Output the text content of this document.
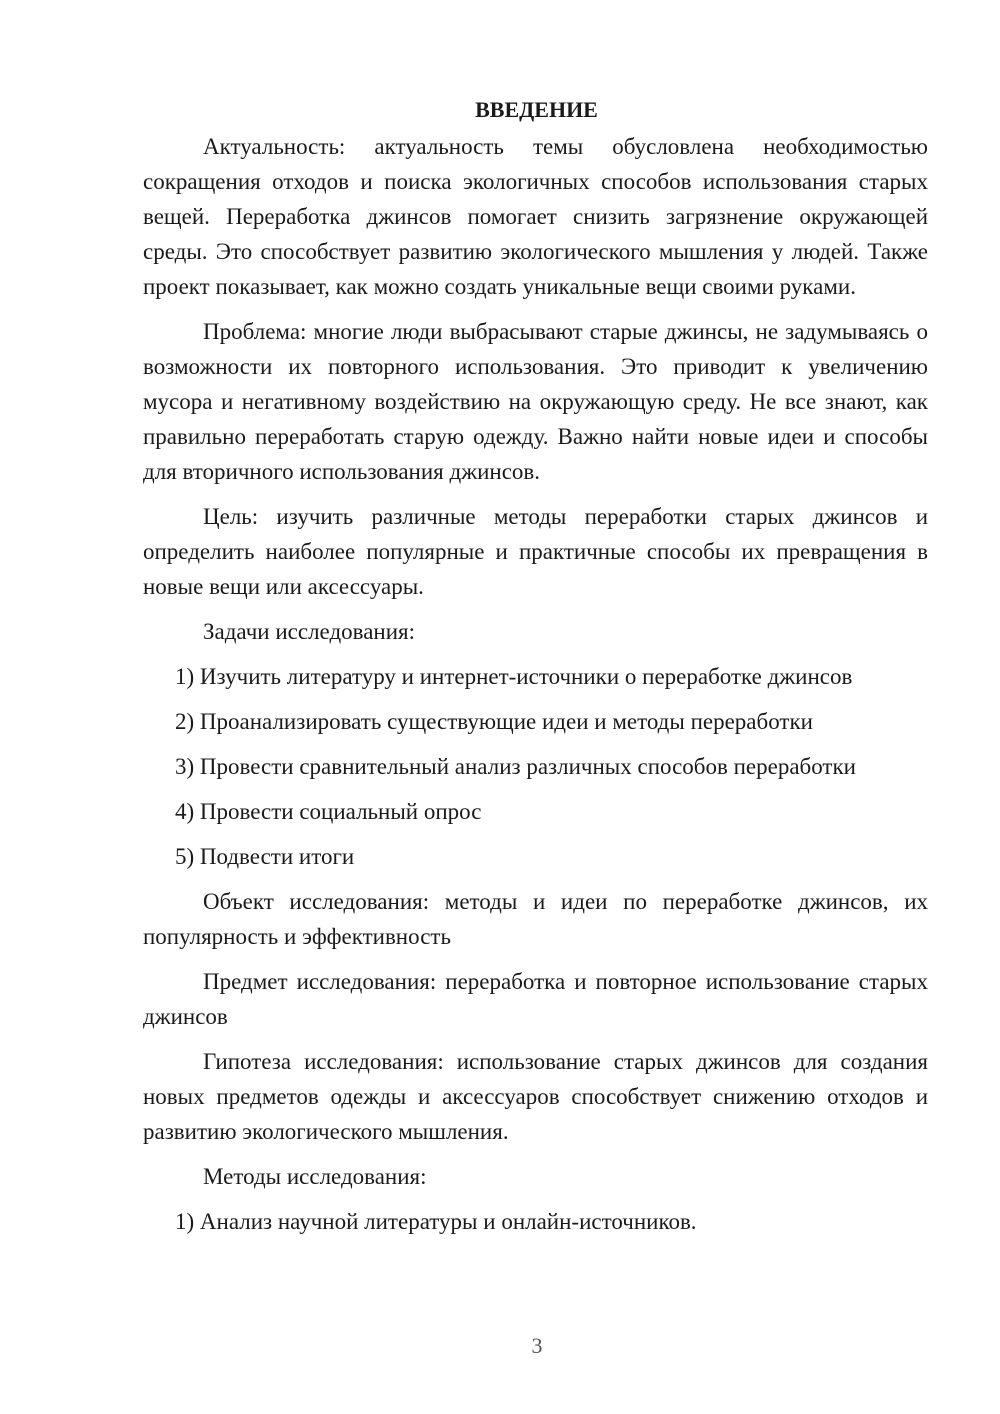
ВВЕДЕНИЕ

Актуальность: актуальность темы обусловлена необходимостью сокращения отходов и поиска экологичных способов использования старых вещей. Переработка джинсов помогает снизить загрязнение окружающей среды. Это способствует развитию экологического мышления у людей. Также проект показывает, как можно создать уникальные вещи своими руками.

Проблема: многие люди выбрасывают старые джинсы, не задумываясь о возможности их повторного использования. Это приводит к увеличению мусора и негативному воздействию на окружающую среду. Не все знают, как правильно переработать старую одежду. Важно найти новые идеи и способы для вторичного использования джинсов.

Цель: изучить различные методы переработки старых джинсов и определить наиболее популярные и практичные способы их превращения в новые вещи или аксессуары.

Задачи исследования:

1) Изучить литературу и интернет-источники о переработке джинсов

2) Проанализировать существующие идеи и методы переработки

3) Провести сравнительный анализ различных способов переработки

4) Провести социальный опрос

5) Подвести итоги

Объект исследования: методы и идеи по переработке джинсов, их популярность и эффективность

Предмет исследования: переработка и повторное использование старых джинсов

Гипотеза исследования: использование старых джинсов для создания новых предметов одежды и аксессуаров способствует снижению отходов и развитию экологического мышления.

Методы исследования:

1) Анализ научной литературы и онлайн-источников.

3
